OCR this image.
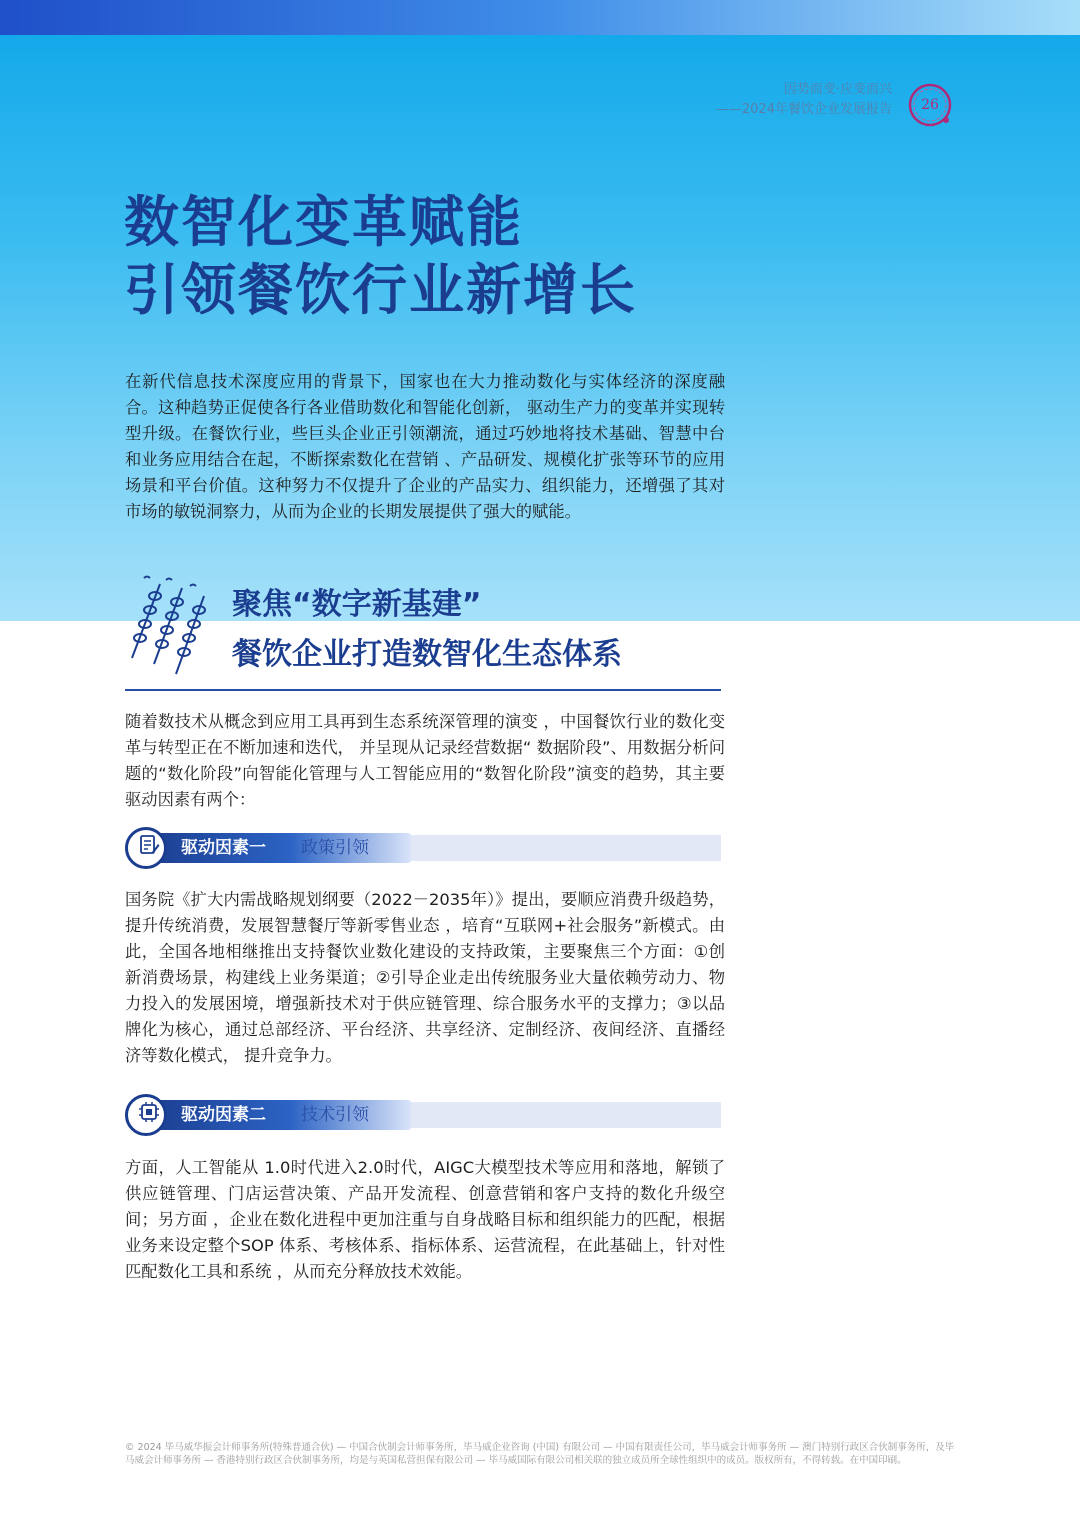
因势而变·应变而兴
——2024年餐饮企业发展报告	26
数智化变革赋能
引领餐饮行业新增长
在新代信息技术深度应用的背景下，国家也在大力推动数化与实体经济的深度融合。这种趋势正促使各行各业借助数化和智能化创新， 驱动生产力的变革并实现转型升级。在餐饮行业，些巨头企业正引领潮流，通过巧妙地将技术基础、智慧中台和业务应用结合在起，不断探索数化在营销 、产品研发、规模化扩张等环节的应用场景和平台价值。这种努力不仅提升了企业的产品实力、组织能力，还增强了其对市场的敏锐洞察力，从而为企业的长期发展提供了强大的赋能。
聚焦“数字新基建”
餐饮企业打造数智化生态体系
随着数技术从概念到应用工具再到生态系统深管理的演变 ，中国餐饮行业的数化变革与转型正在不断加速和迭代， 并呈现从记录经营数据“ 数据阶段”、用数据分析问题的“数化阶段”向智能化管理与人工智能应用的“数智化阶段”演变的趋势，其主要驱动因素有两个：
驱动因素一 政策引领
国务院《扩大内需战略规划纲要（2022－2035年）》提出，要顺应消费升级趋势，提升传统消费，发展智慧餐厅等新零售业态 ，培育“互联网+社会服务”新模式。由此，全国各地相继推出支持餐饮业数化建设的支持政策，主要聚焦三个方面：①创新消费场景，构建线上业务渠道；②引导企业走出传统服务业大量依赖劳动力、物力投入的发展困境，增强新技术对于供应链管理、综合服务水平的支撑力；③以品牌化为核心，通过总部经济、平台经济、共享经济、定制经济、夜间经济、直播经济等数化模式， 提升竞争力。
驱动因素二 技术引领
方面，人工智能从 1.0时代进入2.0时代，AIGC大模型技术等应用和落地，解锁了供应链管理、门店运营决策、产品开发流程、创意营销和客户支持的数化升级空间；另方面 ，企业在数化进程中更加注重与自身战略目标和组织能力的匹配，根据业务来设定整个SOP 体系、考核体系、指标体系、运营流程，在此基础上，针对性匹配数化工具和系统 ，从而充分释放技术效能。
© 2024 毕马威华振会计师事务所(特殊普通合伙) — 中国合伙制会计师事务所，毕马威企业咨询 (中国) 有限公司 — 中国有限责任公司，毕马威会计师事务所 — 澳门特别行政区合伙制事务所，及毕马威会计师事务所 — 香港特别行政区合伙制事务所，均是与英国私营担保有限公司 — 毕马威国际有限公司相关联的独立成员所全球性组织中的成员。版权所有，不得转载。在中国印刷。
